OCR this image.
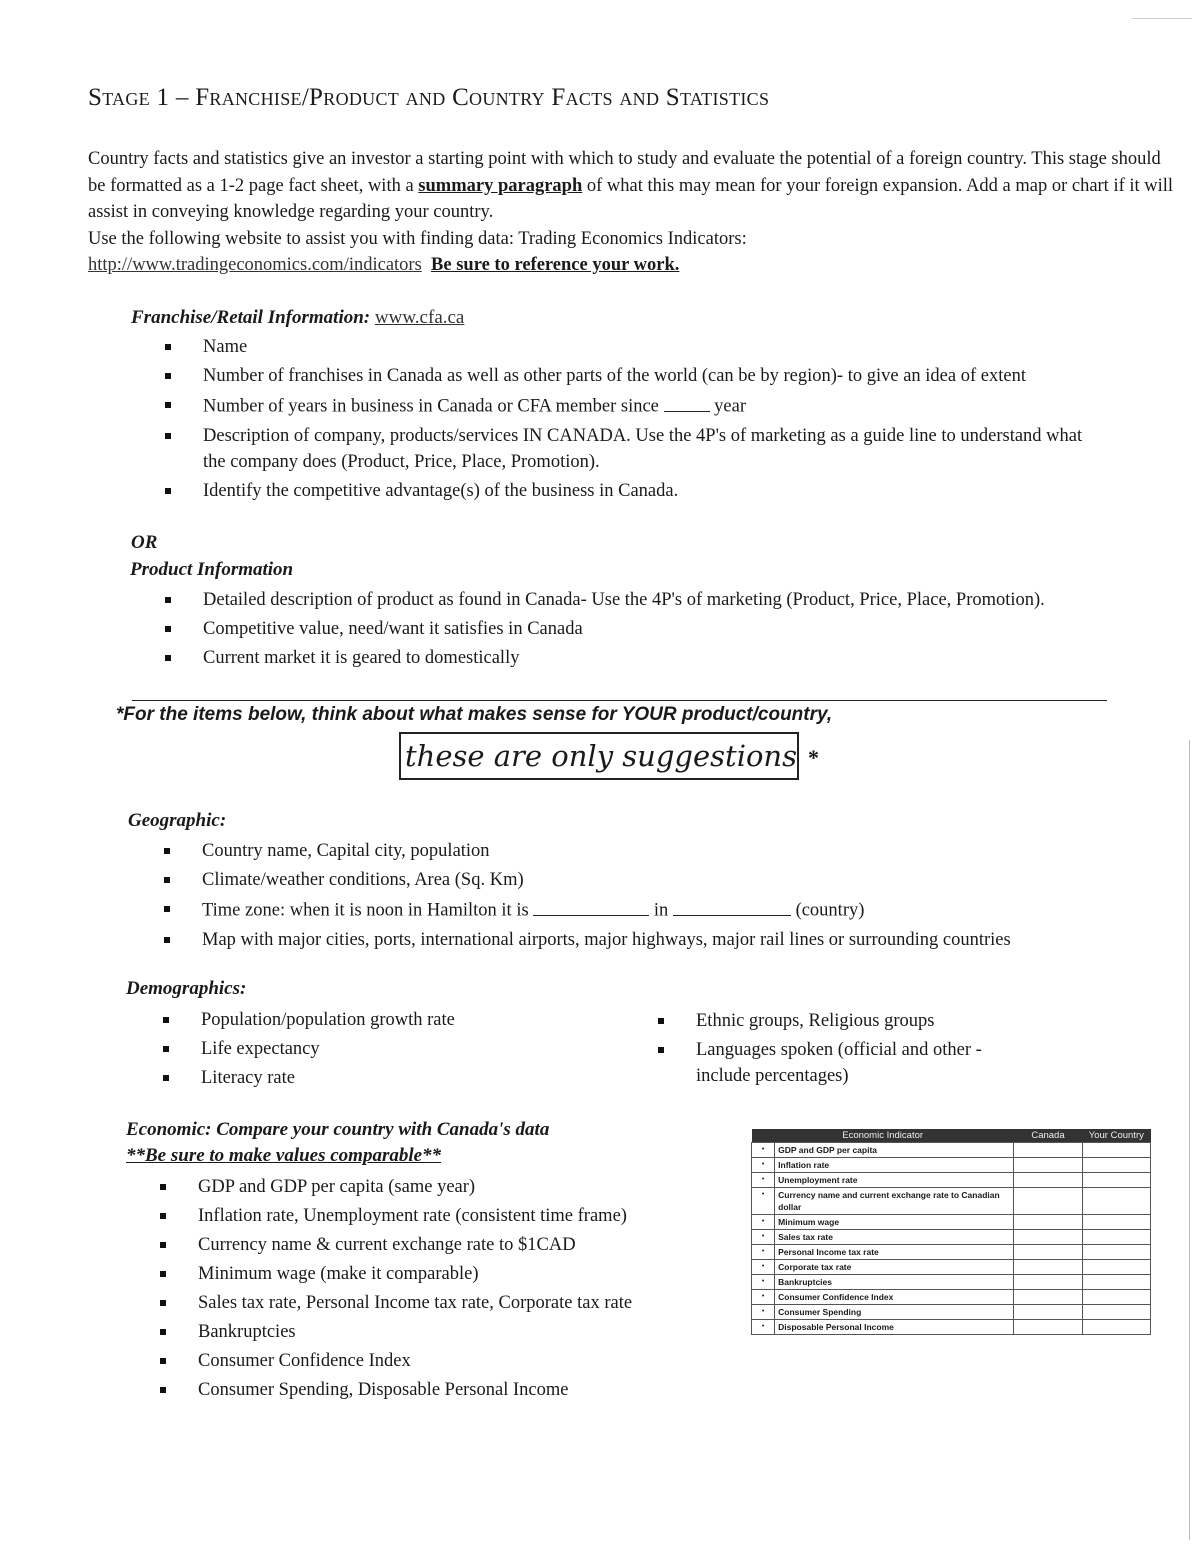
Stage 1 – Franchise/Product and Country Facts and Statistics

Country facts and statistics give an investor a starting point with which to study and evaluate the potential of a foreign country. This stage should be formatted as a 1-2 page fact sheet, with a summary paragraph of what this may mean for your foreign expansion. Add a map or chart if it will assist in conveying knowledge regarding your country.

Use the following website to assist you with finding data: Trading Economics Indicators:

http://www.tradingeconomics.com/indicators Be sure to reference your work.

Franchise/Retail Information: www.cfa.ca

Name
Number of franchises in Canada as well as other parts of the world (can be by region)- to give an idea of extent
Number of years in business in Canada or CFA member since	year
Description of company, products/services IN CANADA. Use the 4P's of marketing as a guide line to understand what the company does (Product, Price, Place, Promotion).
Identify the competitive advantage(s) of the business in Canada.

OR

Product Information

Detailed description of product as found in Canada- Use the 4P's of marketing (Product, Price, Place, Promotion).
Competitive value, need/want it satisfies in Canada
Current market it is geared to domestically

*For the items below, think about what makes sense for YOUR product/country,

these are only suggestions *

Geographic:

Country name, Capital city, population
Climate/weather conditions, Area (Sq. Km)
Time zone: when it is noon in Hamilton it is	in	(country)
Map with major cities, ports, international airports, major highways, major rail lines or surrounding countries

Demographics:

Population/population growth rate
Life expectancy
Literacy rate
Ethnic groups, Religious groups
Languages spoken (official and other - include percentages)

Economic: Compare your country with Canada's data

**Be sure to make values comparable**

GDP and GDP per capita (same year)
Inflation rate, Unemployment rate (consistent time frame)
Currency name & current exchange rate to $1CAD
Minimum wage (make it comparable)
Sales tax rate, Personal Income tax rate, Corporate tax rate
Bankruptcies
Consumer Confidence Index
Consumer Spending, Disposable Personal Income
Economic Indicator		Canada	Your Country
•	GDP and GDP per capita		
•	Inflation rate		
•	Unemployment rate		
•	Currency name and current exchange rate to Canadian dollar		
•	Minimum wage		
•	Sales tax rate		
•	Personal Income tax rate		
•	Corporate tax rate		
•	Bankruptcies		
•	Consumer Confidence Index		
•	Consumer Spending		
•	Disposable Personal Income		
